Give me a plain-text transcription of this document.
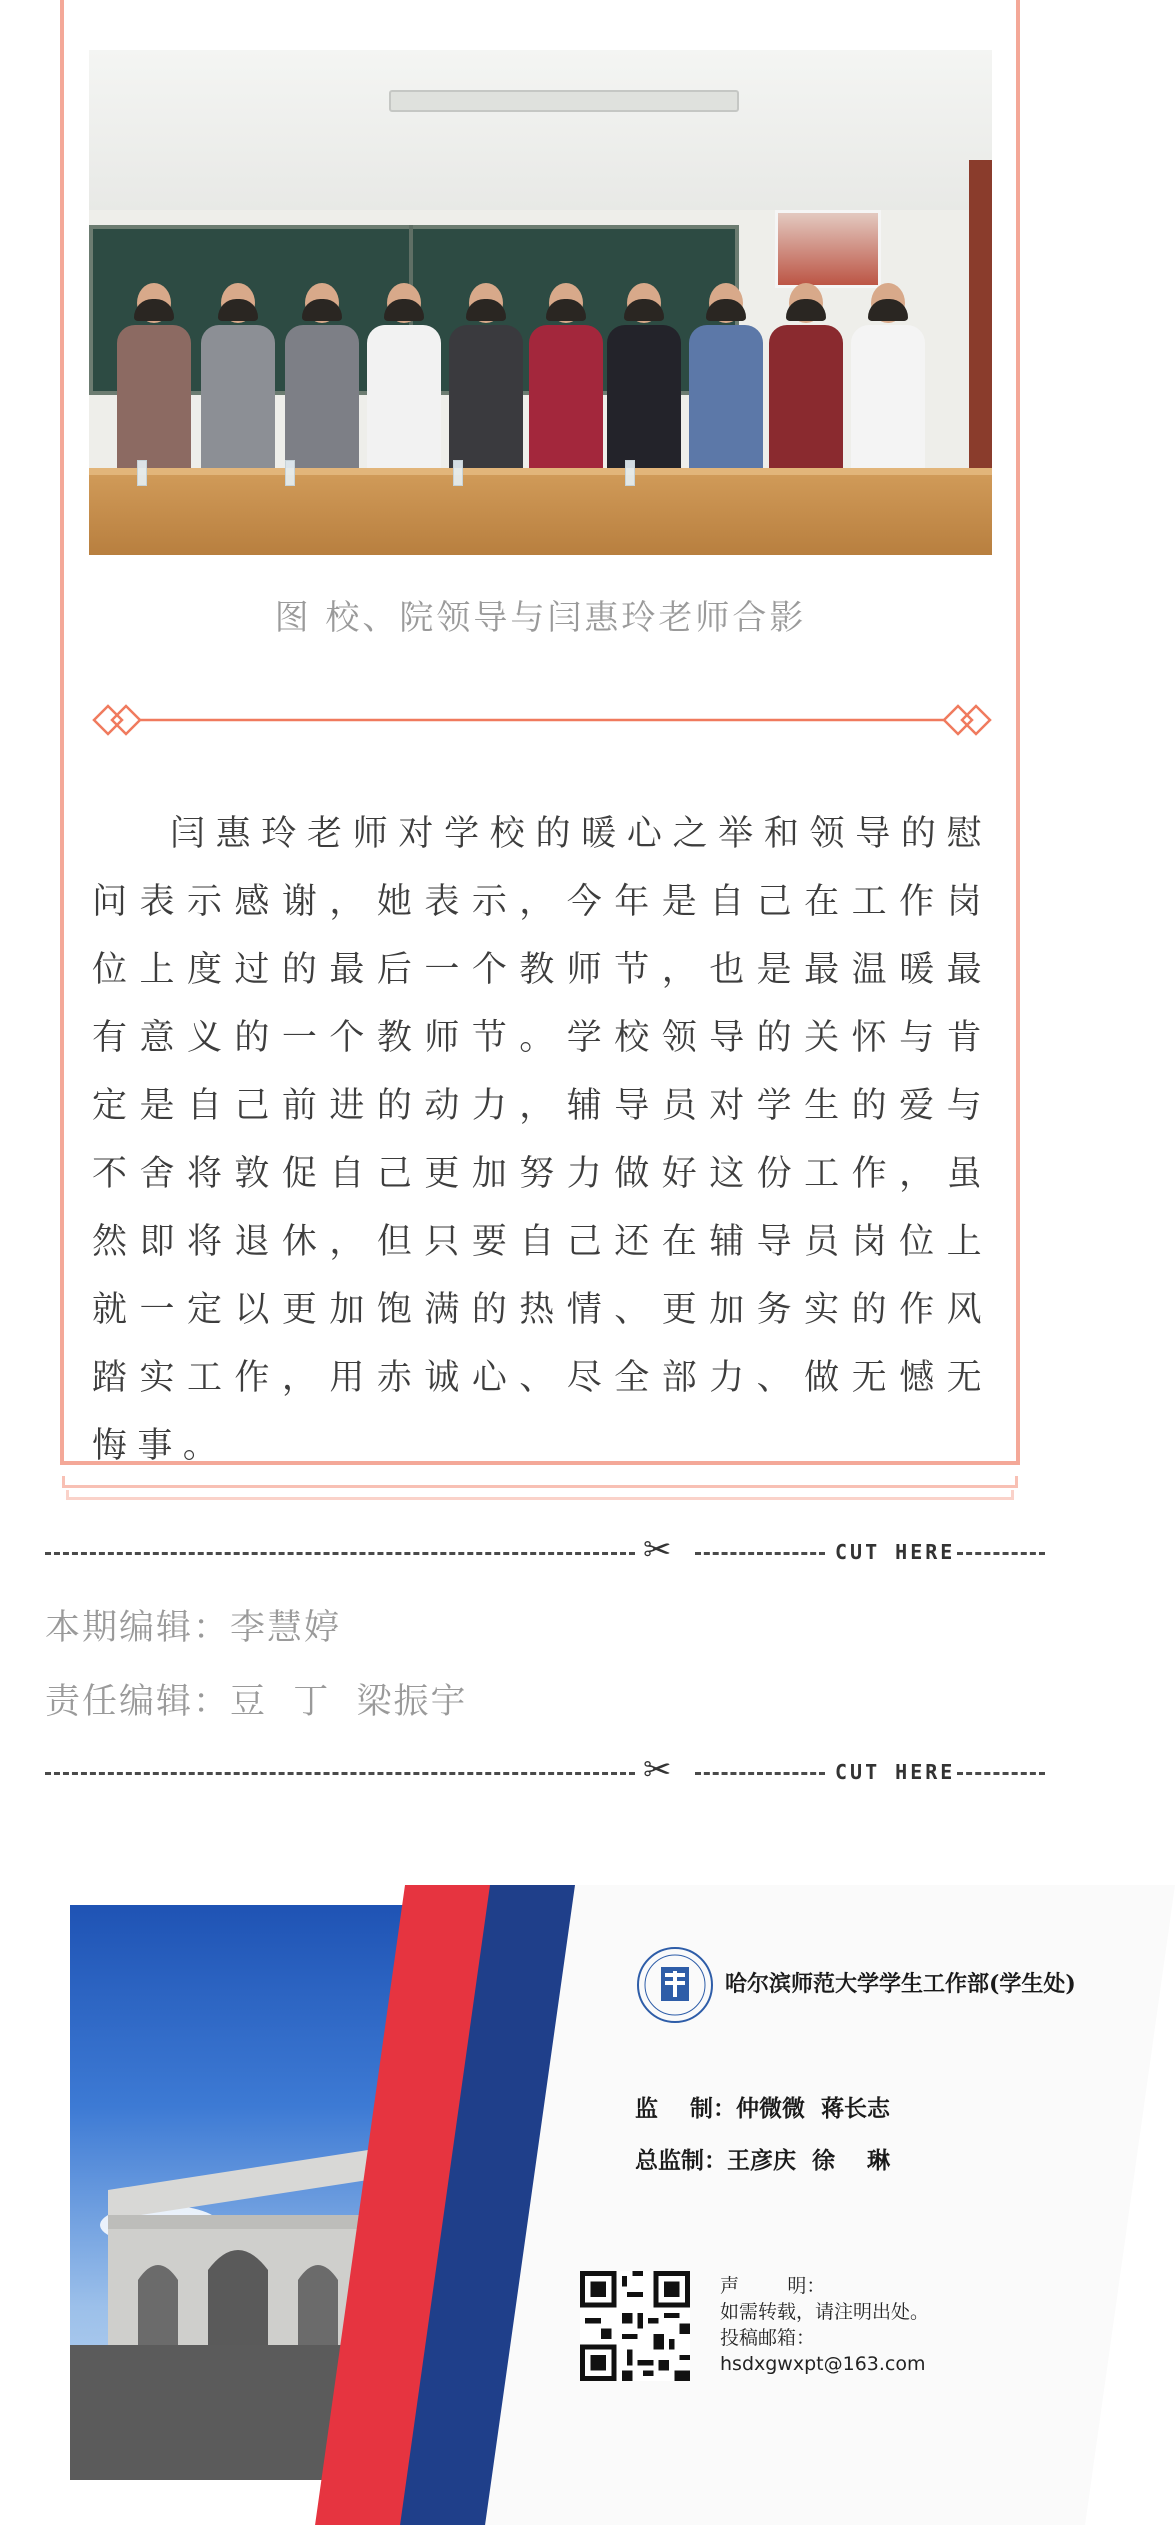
图 校、院领导与闫惠玲老师合影

闫惠玲老师对学校的暖心之举和领导的慰问表示感谢，她表示，今年是自己在工作岗位上度过的最后一个教师节，也是最温暖最有意义的一个教师节。学校领导的关怀与肯定是自己前进的动力，辅导员对学生的爱与不舍将敦促自己更加努力做好这份工作，虽然即将退休，但只要自己还在辅导员岗位上就一定以更加饱满的热情、更加务实的作风踏实工作，用赤诚心、尽全部力、做无憾无悔事。

✂	CUT HERE
本期编辑：李慧婷
责任编辑：豆  丁  梁振宇
✂	CUT HERE
哈尔滨师范大学学生工作部(学生处)
监    制：仲微微  蒋长志
总监制：王彦庆  徐    琳
声        明：
如需转载，请注明出处。
投稿邮箱：
hsdxgwxpt@163.com
